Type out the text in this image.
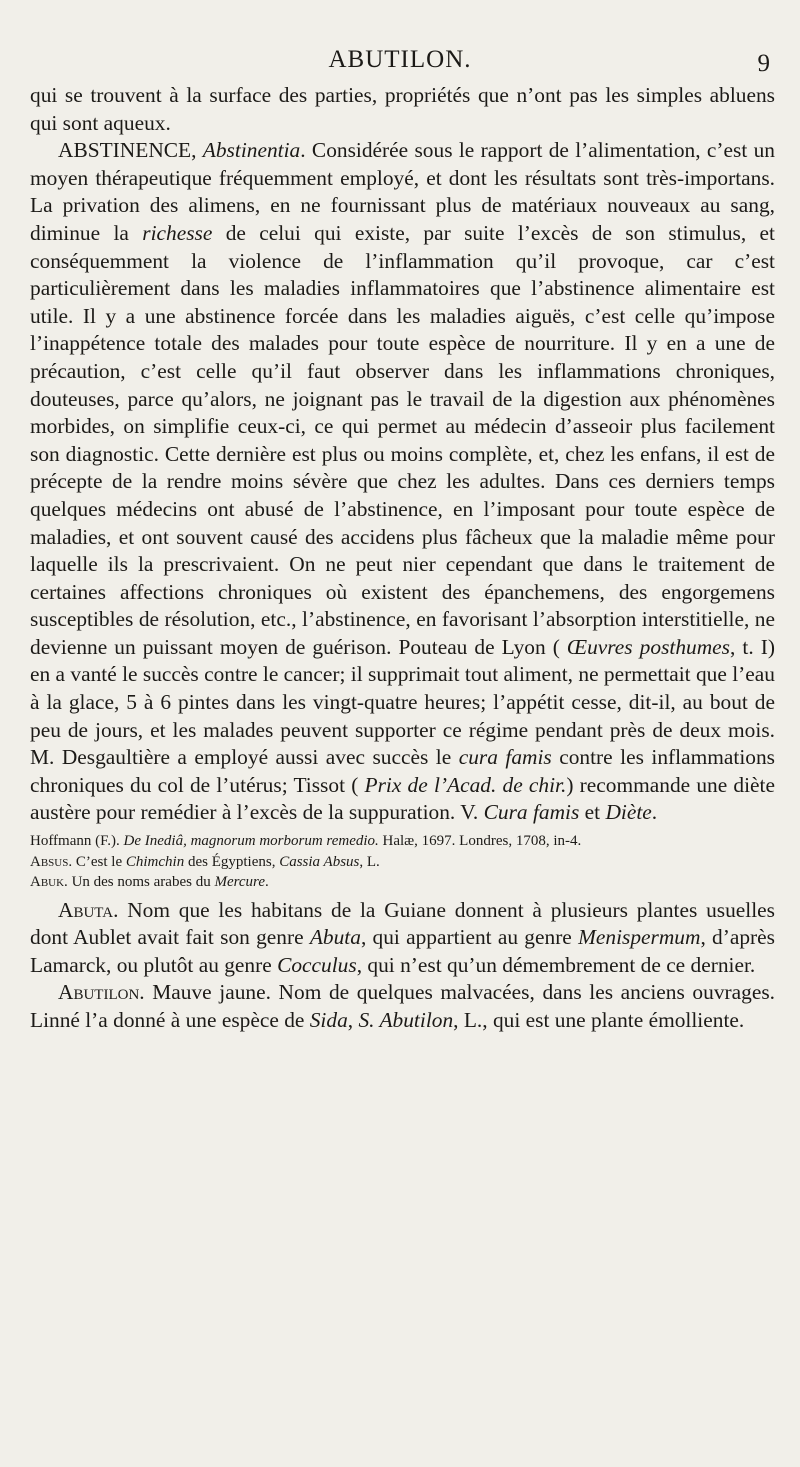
ABUTILON.	9

qui se trouvent à la surface des parties, propriétés que n’ont pas les simples abluens qui sont aqueux.

ABSTINENCE, Abstinentia. Considérée sous le rapport de l’alimentation, c’est un moyen thérapeutique fréquemment employé, et dont les résultats sont très-importans. La privation des alimens, en ne fournissant plus de matériaux nouveaux au sang, diminue la richesse de celui qui existe, par suite l’excès de son stimulus, et conséquemment la violence de l’inflammation qu’il provoque, car c’est particulièrement dans les maladies inflammatoires que l’abstinence alimentaire est utile. Il y a une abstinence forcée dans les maladies aiguës, c’est celle qu’impose l’inappétence totale des malades pour toute espèce de nourriture. Il y en a une de précaution, c’est celle qu’il faut observer dans les inflammations chroniques, douteuses, parce qu’alors, ne joignant pas le travail de la digestion aux phénomènes morbides, on simplifie ceux-ci, ce qui permet au médecin d’asseoir plus facilement son diagnostic. Cette dernière est plus ou moins complète, et, chez les enfans, il est de précepte de la rendre moins sévère que chez les adultes. Dans ces derniers temps quelques médecins ont abusé de l’abstinence, en l’imposant pour toute espèce de maladies, et ont souvent causé des accidens plus fâcheux que la maladie même pour laquelle ils la prescrivaient. On ne peut nier cependant que dans le traitement de certaines affections chroniques où existent des épanchemens, des engorgemens susceptibles de résolution, etc., l’abstinence, en favorisant l’absorption interstitielle, ne devienne un puissant moyen de guérison. Pouteau de Lyon ( Œuvres posthumes, t. I) en a vanté le succès contre le cancer; il supprimait tout aliment, ne permettait que l’eau à la glace, 5 à 6 pintes dans les vingt-quatre heures; l’appétit cesse, dit-il, au bout de peu de jours, et les malades peuvent supporter ce régime pendant près de deux mois. M. Desgaultière a employé aussi avec succès le cura famis contre les inflammations chroniques du col de l’utérus; Tissot ( Prix de l’Acad. de chir.) recommande une diète austère pour remédier à l’excès de la suppuration. V. Cura famis et Diète.

Hoffmann (F.). De Inediâ, magnorum morborum remedio. Halæ, 1697. Londres, 1708, in-4.

Absus. C’est le Chimchin des Égyptiens, Cassia Absus, L.

Abuk. Un des noms arabes du Mercure.

Abuta. Nom que les habitans de la Guiane donnent à plusieurs plantes usuelles dont Aublet avait fait son genre Abuta, qui appartient au genre Menispermum, d’après Lamarck, ou plutôt au genre Cocculus, qui n’est qu’un démembrement de ce dernier.

Abutilon. Mauve jaune. Nom de quelques malvacées, dans les anciens ouvrages. Linné l’a donné à une espèce de Sida, S. Abutilon, L., qui est une plante émolliente.
